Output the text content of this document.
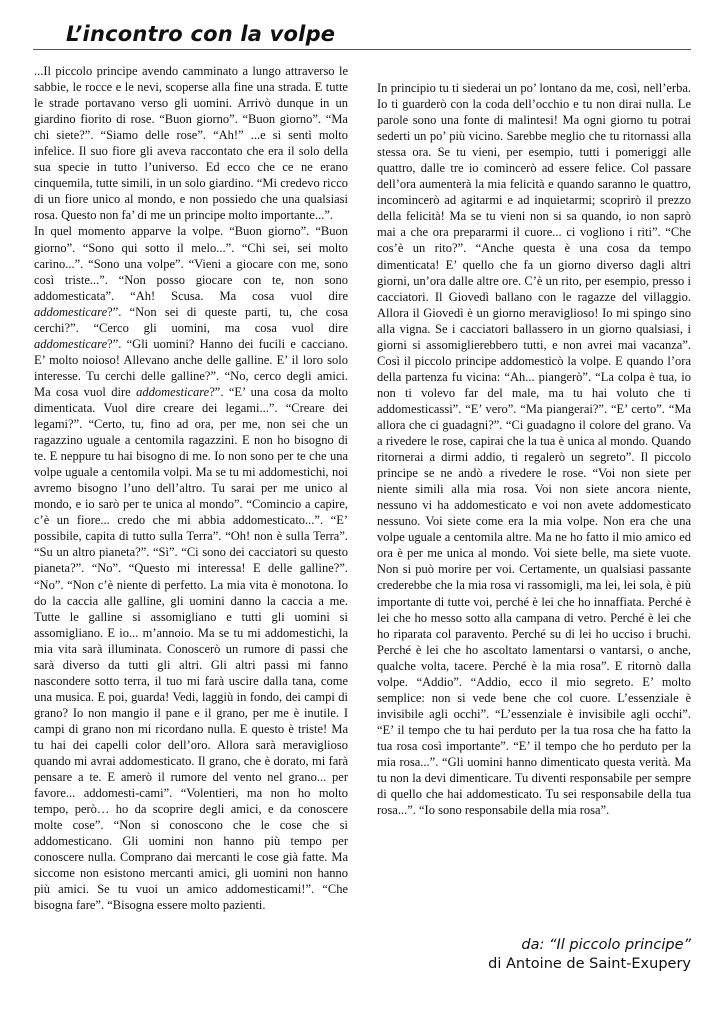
L’incontro con la volpe

...Il piccolo principe avendo camminato a lungo attraverso le sabbie, le rocce e le nevi, scoperse alla fine una strada. E tutte le strade portavano verso gli uomini. Arrivò dunque in un giardino fiorito di rose. “Buon giorno”. “Buon giorno”. “Ma chi siete?”. “Siamo delle rose”. “Ah!” ...e si sentì molto infelice. Il suo fiore gli aveva raccontato che era il solo della sua specie in tutto l’universo. Ed ecco che ce ne erano cinquemila, tutte simili, in un solo giardino. “Mi credevo ricco di un fiore unico al mondo, e non possiedo che una qualsiasi rosa. Questo non fa’ di me un principe molto importante...”.

In quel momento apparve la volpe. “Buon giorno”. “Buon giorno”. “Sono qui sotto il melo...”. “Chi sei, sei molto carino...”. “Sono una volpe”. “Vieni a giocare con me, sono così triste...”. “Non posso giocare con te, non sono addomesticata”. “Ah! Scusa. Ma cosa vuol dire addomesticare?”. “Non sei di queste parti, tu, che cosa cerchi?”. “Cerco gli uomini, ma cosa vuol dire addomesticare?”. “Gli uomini? Hanno dei fucili e cacciano. E’ molto noioso! Allevano anche delle galline. E’ il loro solo interesse. Tu cerchi delle galline?”. “No, cerco degli amici. Ma cosa vuol dire addomesticare?”. “E’ una cosa da molto dimenticata. Vuol dire creare dei legami...”. “Creare dei legami?”. “Certo, tu, fino ad ora, per me, non sei che un ragazzino uguale a centomila ragazzini. E non ho bisogno di te. E neppure tu hai bisogno di me. Io non sono per te che una volpe uguale a centomila volpi. Ma se tu mi addomestichi, noi avremo bisogno l’uno dell’altro. Tu sarai per me unico al mondo, e io sarò per te unica al mondo”. “Comincio a capire, c’è un fiore... credo che mi abbia addomesticato...”. “E’ possibile, capita di tutto sulla Terra”. “Oh! non è sulla Terra”. “Su un altro pianeta?”. “Sì”. “Ci sono dei cacciatori su questo pianeta?”. “No”. “Questo mi interessa! E delle galline?”. “No”. “Non c’è niente di perfetto. La mia vita è monotona. Io do la caccia alle galline, gli uomini danno la caccia a me. Tutte le galline si assomigliano e tutti gli uomini si assomigliano. E io... m’annoio. Ma se tu mi addomestichi, la mia vita sarà illuminata. Conoscerò un rumore di passi che sarà diverso da tutti gli altri. Gli altri passi mi fanno nascondere sotto terra, il tuo mi farà uscire dalla tana, come una musica. E poi, guarda! Vedi, laggiù in fondo, dei campi di grano? Io non mangio il pane e il grano, per me è inutile. I campi di grano non mi ricordano nulla. E questo è triste! Ma tu hai dei capelli color dell’oro. Allora sarà meraviglioso quando mi avrai addomesticato. Il grano, che è dorato, mi farà pensare a te. E amerò il rumore del vento nel grano... per favore... addomesti-cami”. “Volentieri, ma non ho molto tempo, però… ho da scoprire degli amici, e da conoscere molte cose”. “Non si conoscono che le cose che si addomesticano. Gli uomini non hanno più tempo per conoscere nulla. Comprano dai mercanti le cose già fatte. Ma siccome non esistono mercanti amici, gli uomini non hanno più amici. Se tu vuoi un amico addomesticami!”. “Che bisogna fare”. “Bisogna essere molto pazienti.

In principio tu ti siederai un po’ lontano da me, così, nell’erba. Io ti guarderò con la coda dell’occhio e tu non dirai nulla. Le parole sono una fonte di malintesi! Ma ogni giorno tu potrai sederti un po’ più vicino. Sarebbe meglio che tu ritornassi alla stessa ora. Se tu vieni, per esempio, tutti i pomeriggi alle quattro, dalle tre io comincerò ad essere felice. Col passare dell’ora aumenterà la mia felicità e quando saranno le quattro, incomincerò ad agitarmi e ad inquietarmi; scoprirò il prezzo della felicità! Ma se tu vieni non si sa quando, io non saprò mai a che ora prepararmi il cuore... ci vogliono i riti”. “Che cos’è un rito?”. “Anche questa è una cosa da tempo dimenticata! E’ quello che fa un giorno diverso dagli altri giorni, un’ora dalle altre ore. C’è un rito, per esempio, presso i cacciatori. Il Giovedì ballano con le ragazze del villaggio. Allora il Giovedì è un giorno meraviglioso! Io mi spingo sino alla vigna. Se i cacciatori ballassero in un giorno qualsiasi, i giorni si assomiglierebbero tutti, e non avrei mai vacanza”. Così il piccolo principe addomesticò la volpe. E quando l’ora della partenza fu vicina: “Ah... piangerò”. “La colpa è tua, io non ti volevo far del male, ma tu hai voluto che ti addomesticassi”. “E’ vero”. “Ma piangerai?”. “E’ certo”. “Ma allora che ci guadagni?”. “Ci guadagno il colore del grano. Va a rivedere le rose, capirai che la tua è unica al mondo. Quando ritornerai a dirmi addio, ti regalerò un segreto”. Il piccolo principe se ne andò a rivedere le rose. “Voi non siete per niente simili alla mia rosa. Voi non siete ancora niente, nessuno vi ha addomesticato e voi non avete addomesticato nessuno. Voi siete come era la mia volpe. Non era che una volpe uguale a centomila altre. Ma ne ho fatto il mio amico ed ora è per me unica al mondo. Voi siete belle, ma siete vuote. Non si può morire per voi. Certamente, un qualsiasi passante crederebbe che la mia rosa vi rassomigli, ma lei, lei sola, è più importante di tutte voi, perché è lei che ho innaffiata. Perché è lei che ho messo sotto alla campana di vetro. Perché è lei che ho riparata col paravento. Perché su di lei ho ucciso i bruchi. Perché è lei che ho ascoltato lamentarsi o vantarsi, o anche, qualche volta, tacere. Perché è la mia rosa”. E ritornò dalla volpe. “Addio”. “Addio, ecco il mio segreto. E’ molto semplice: non si vede bene che col cuore. L’essenziale è invisibile agli occhi”. “L’essenziale è invisibile agli occhi”. “E’ il tempo che tu hai perduto per la tua rosa che ha fatto la tua rosa così importante”. “E’ il tempo che ho perduto per la mia rosa...”. “Gli uomini hanno dimenticato questa verità. Ma tu non la devi dimenticare. Tu diventi responsabile per sempre di quello che hai addomesticato. Tu sei responsabile della tua rosa...”. “Io sono responsabile della mia rosa”.

da: “Il piccolo principe”
di Antoine de Saint-Exupery
